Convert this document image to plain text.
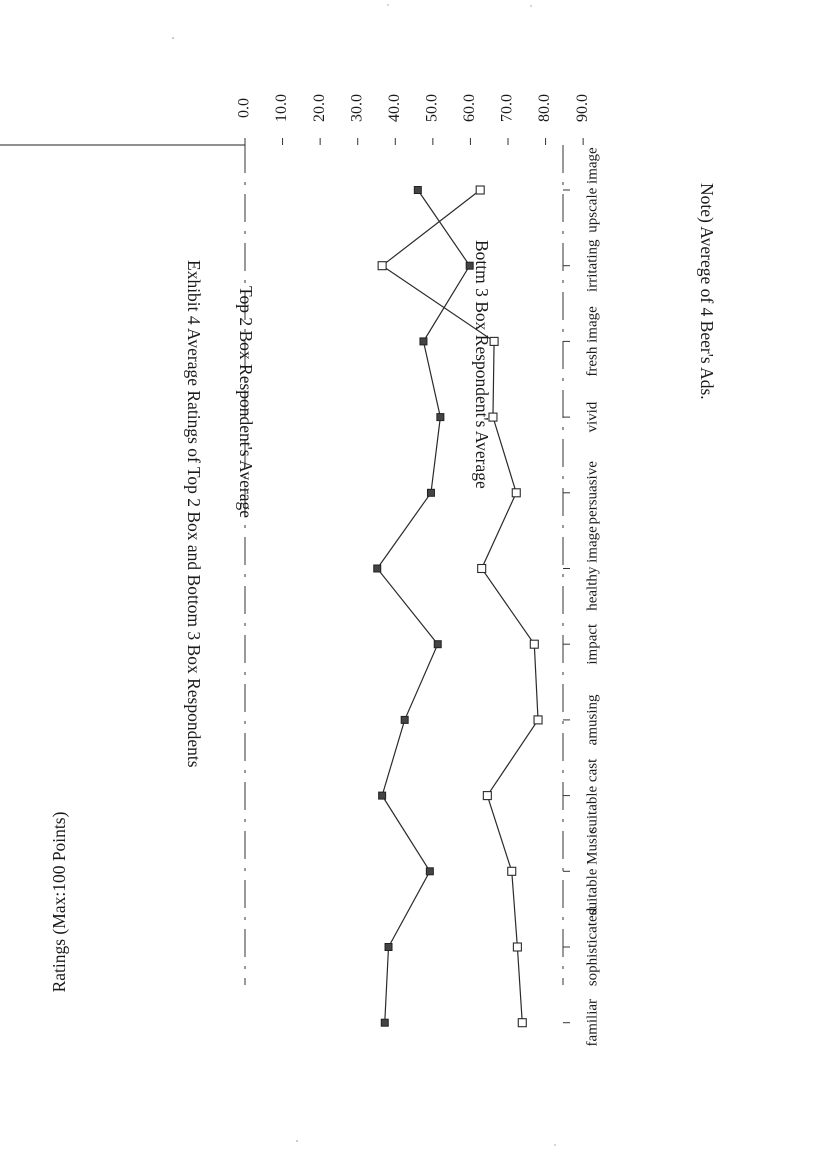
0.0 10.0 20.0 30.0 40.0 50.0 60.0 70.0 80.0 90.0
upscale image
irritating
fresh image
vivid
persuasive
healthy image
impact
amusing
suitable cast
suitable Music
sophisticated
familiar
Exhibit 4 Average Ratings of Top 2 Box and Bottom 3 Box Respondents Top 2 Box Respondent's Average	Bottm 3 Box Respondent's Average	Note) Averege of 4 Beer's Ads.
Ratings (Max:100 Points)
